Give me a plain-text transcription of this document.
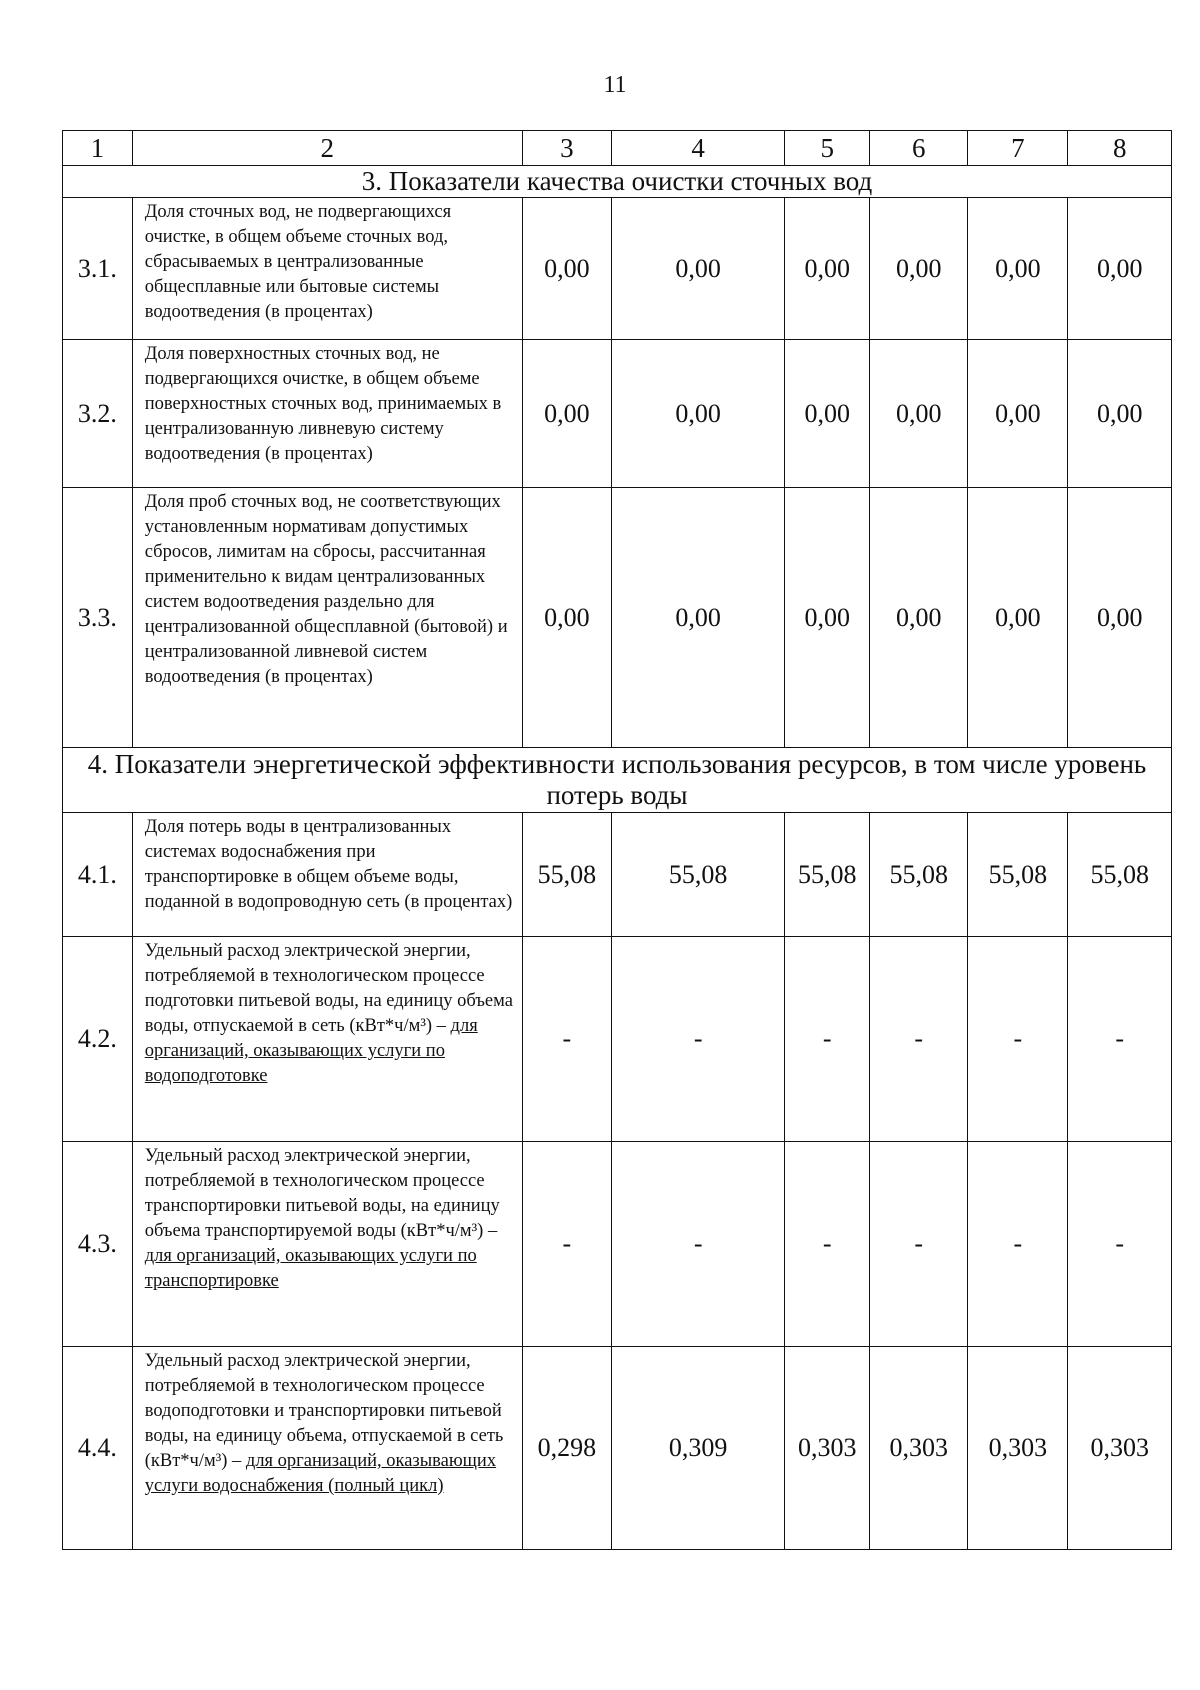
11
1	2	3	4	5	6	7	8
3. Показатели качества очистки сточных вод							
3.1.	Доля сточных вод, не подвергающихся очистке, в общем объеме сточных вод, сбрасываемых в централизованные общесплавные или бытовые системы водоотведения (в процентах)	0,00	0,00	0,00	0,00	0,00	0,00
3.2.	Доля поверхностных сточных вод, не подвергающихся очистке, в общем объеме поверхностных сточных вод, принимаемых в централизованную ливневую систему водоотведения (в процентах)	0,00	0,00	0,00	0,00	0,00	0,00
3.3.	Доля проб сточных вод, не соответствующих установленным нормативам допустимых сбросов, лимитам на сбросы, рассчитанная применительно к видам централизованных систем водоотведения раздельно для централизованной общесплавной (бытовой) и централизованной ливневой систем водоотведения (в процентах)	0,00	0,00	0,00	0,00	0,00	0,00
4. Показатели энергетической эффективности использования ресурсов, в том числе уровень потерь воды							
4.1.	Доля потерь воды в централизованных системах водоснабжения при транспортировке в общем объеме воды, поданной в водопроводную сеть (в процентах)	55,08	55,08	55,08	55,08	55,08	55,08
4.2.	Удельный расход электрической энергии, потребляемой в технологическом процессе подготовки питьевой воды, на единицу объема воды, отпускаемой в сеть (кВт*ч/м³) – для организаций, оказывающих услуги по водоподготовке	-	-	-	-	-	-
4.3.	Удельный расход электрической энергии, потребляемой в технологическом процессе транспортировки питьевой воды, на единицу объема транспортируемой воды (кВт*ч/м³) – для организаций, оказывающих услуги по транспортировке	-	-	-	-	-	-
4.4.	Удельный расход электрической энергии, потребляемой в технологическом процессе водоподготовки и транспортировки питьевой воды, на единицу объема, отпускаемой в сеть (кВт*ч/м³) – для организаций, оказывающих услуги водоснабжения (полный цикл)	0,298	0,309	0,303	0,303	0,303	0,303
